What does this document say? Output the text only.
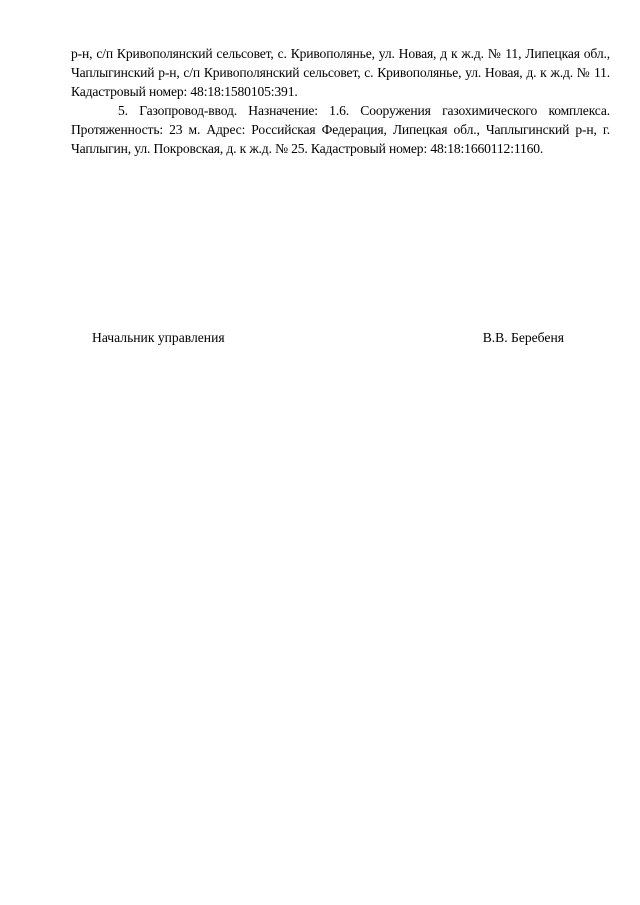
р-н, с/п Кривополянский сельсовет, с. Кривополянье, ул. Новая, д к ж.д. № 11, Липецкая обл., Чаплыгинский р-н, с/п Кривополянский сельсовет, с. Кривополянье, ул. Новая, д. к ж.д. № 11. Кадастровый номер: 48:18:1580105:391.

5. Газопровод-ввод. Назначение: 1.6. Сооружения газохимического комплекса. Протяженность: 23 м. Адрес: Российская Федерация, Липецкая обл., Чаплыгинский р-н, г. Чаплыгин, ул. Покровская, д. к ж.д. № 25. Кадастровый номер: 48:18:1660112:1160.

Начальник управления	В.В. Беребеня
